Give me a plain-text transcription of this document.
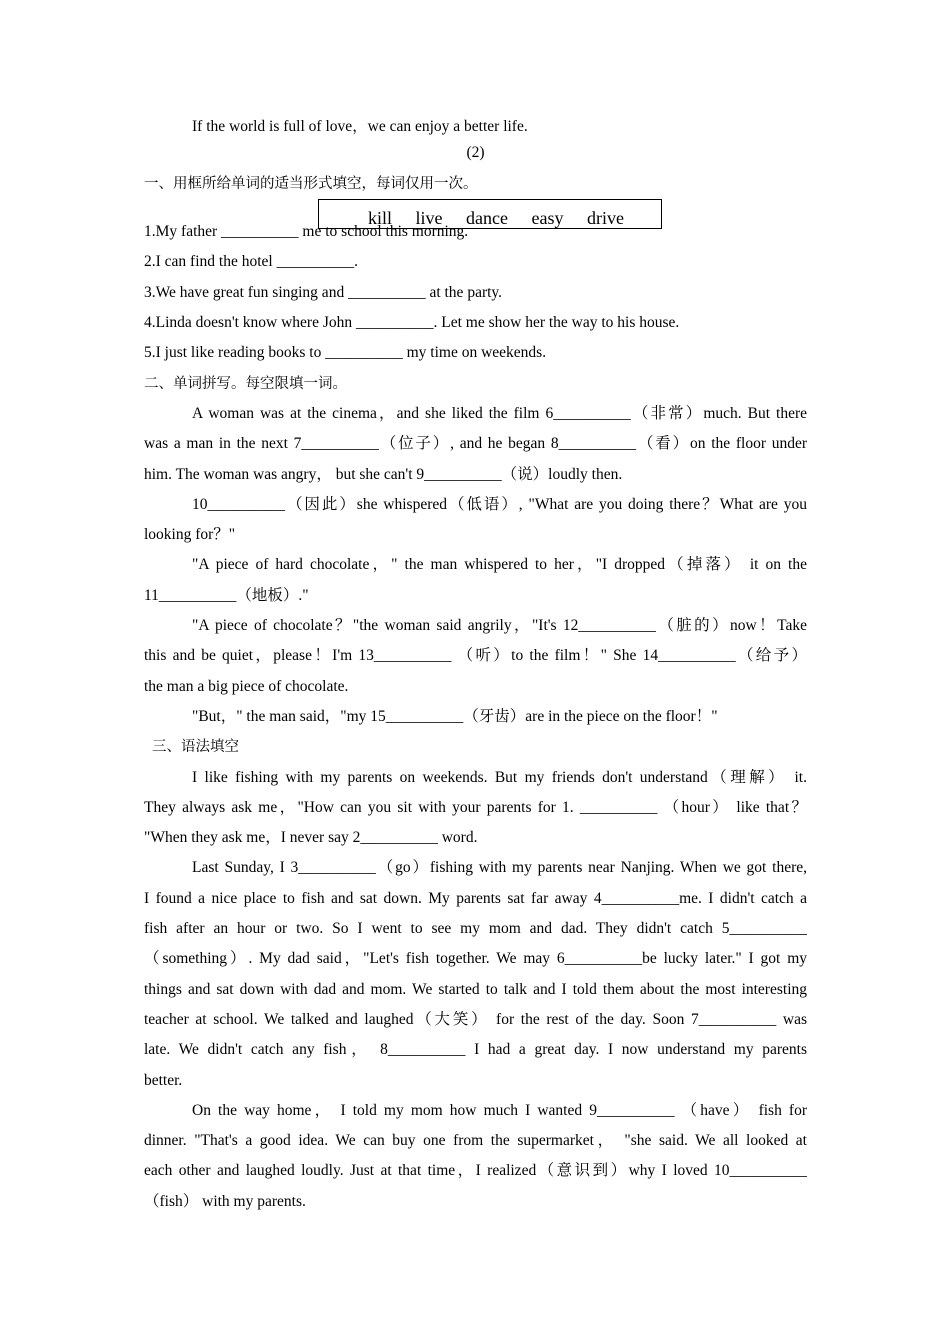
If the world is full of love，we can enjoy a better life.
(2)
一、用框所给单词的适当形式填空，每词仅用一次。
kill live dance easy drive
1.My father __________ me to school this morning.
2.I can find the hotel __________.
3.We have great fun singing and __________ at the party.
4.Linda doesn't know where John __________. Let me show her the way to his house.
5.I just like reading books to __________ my time on weekends.
二、单词拼写。每空限填一词。
A woman was at the cinema，and she liked the film 6__________（非常）much. But there
was a man in the next 7__________（位子）, and he began 8__________（看）on the floor under
him. The woman was angry， but she can't 9__________（说）loudly then.
10__________（因此）she whispered（低语）, "What are you doing there？What are you
looking for？"
"A piece of hard chocolate，" the man whispered to her，"I dropped（掉落） it on the
11__________（地板）."
"A piece of chocolate？"the woman said angrily，"It's 12__________（脏的）now！Take
this and be quiet，please！I'm 13__________ （听）to the film！" She 14__________（给予）
the man a big piece of chocolate.
"But，" the man said，"my 15__________（牙齿）are in the piece on the floor！"
三、语法填空
I like fishing with my parents on weekends. But my friends don't understand（理解） it.
They always ask me，"How can you sit with your parents for 1. __________ （hour） like that？
"When they ask me，I never say 2__________ word.
Last Sunday, I 3__________（go）fishing with my parents near Nanjing. When we got there,
I found a nice place to fish and sat down. My parents sat far away 4__________me. I didn't catch a
fish after an hour or two. So I went to see my mom and dad. They didn't catch 5__________
（something）. My dad said，"Let's fish together. We may 6__________be lucky later." I got my
things and sat down with dad and mom. We started to talk and I told them about the most interesting
teacher at school. We talked and laughed（大笑） for the rest of the day. Soon 7__________ was
late. We didn't catch any fish， 8__________ I had a great day. I now understand my parents
better.
On the way home， I told my mom how much I wanted 9__________ （have） fish for
dinner. "That's a good idea. We can buy one from the supermarket， "she said. We all looked at
each other and laughed loudly. Just at that time，I realized（意识到）why I loved 10__________
（fish） with my parents.
